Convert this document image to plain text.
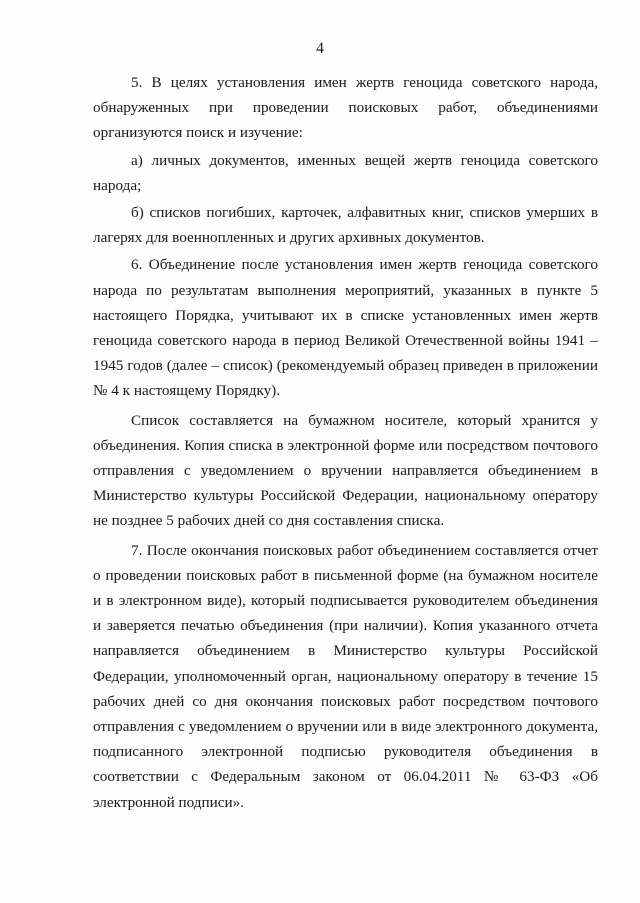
4

5. В целях установления имен жертв геноцида советского народа, обнаруженных при проведении поисковых работ, объединениями организуются поиск и изучение:

а) личных документов, именных вещей жертв геноцида советского народа;

б) списков погибших, карточек, алфавитных книг, списков умерших в лагерях для военнопленных и других архивных документов.

6. Объединение после установления имен жертв геноцида советского народа по результатам выполнения мероприятий, указанных в пункте 5 настоящего Порядка, учитывают их в списке установленных имен жертв геноцида советского народа в период Великой Отечественной войны 1941 – 1945 годов (далее – список) (рекомендуемый образец приведен в приложении № 4 к настоящему Порядку).

Список составляется на бумажном носителе, который хранится у объединения. Копия списка в электронной форме или посредством почтового отправления с уведомлением о вручении направляется объединением в Министерство культуры Российской Федерации, национальному оператору не позднее 5 рабочих дней со дня составления списка.

7. После окончания поисковых работ объединением составляется отчет о проведении поисковых работ в письменной форме (на бумажном носителе и в электронном виде), который подписывается руководителем объединения и заверяется печатью объединения (при наличии). Копия указанного отчета направляется объединением в Министерство культуры Российской Федерации, уполномоченный орган, национальному оператору в течение 15 рабочих дней со дня окончания поисковых работ посредством почтового отправления с уведомлением о вручении или в виде электронного документа, подписанного электронной подписью руководителя объединения в соответствии с Федеральным законом от 06.04.2011 № 63-ФЗ «Об электронной подписи».
